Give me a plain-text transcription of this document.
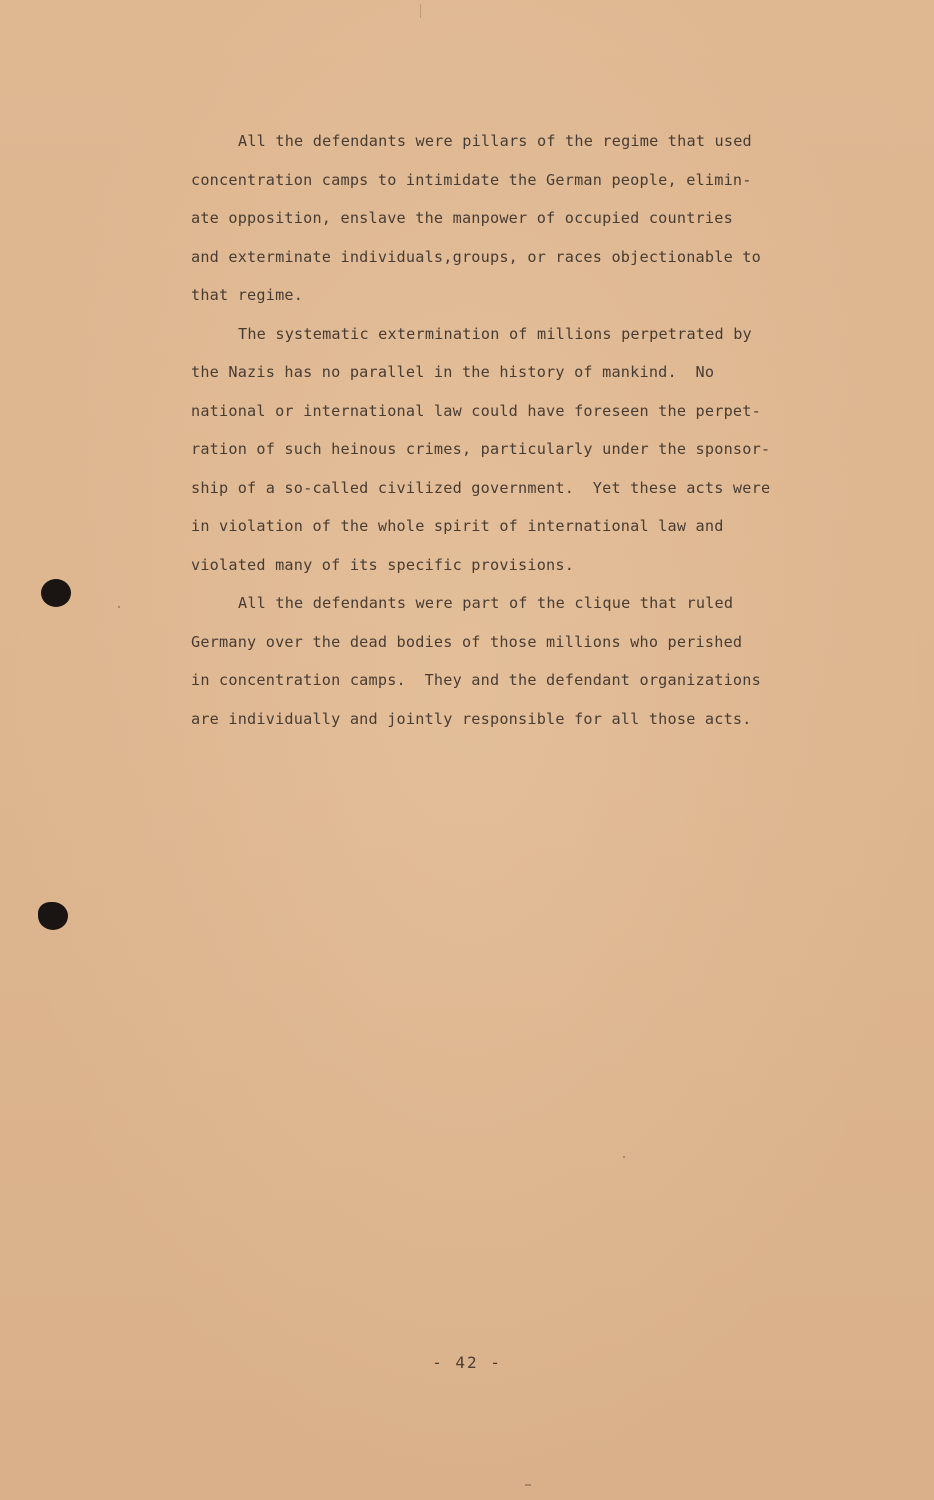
All the defendants were pillars of the regime that used
concentration camps to intimidate the German people, elimin-
ate opposition, enslave the manpower of occupied countries
and exterminate individuals,groups, or races objectionable to
that regime.
The systematic extermination of millions perpetrated by
the Nazis has no parallel in the history of mankind.  No
national or international law could have foreseen the perpet-
ration of such heinous crimes, particularly under the sponsor-
ship of a so-called civilized government.  Yet these acts were
in violation of the whole spirit of international law and
violated many of its specific provisions.
All the defendants were part of the clique that ruled
Germany over the dead bodies of those millions who perished
in concentration camps.  They and the defendant organizations
are individually and jointly responsible for all those acts.
- 42 -
